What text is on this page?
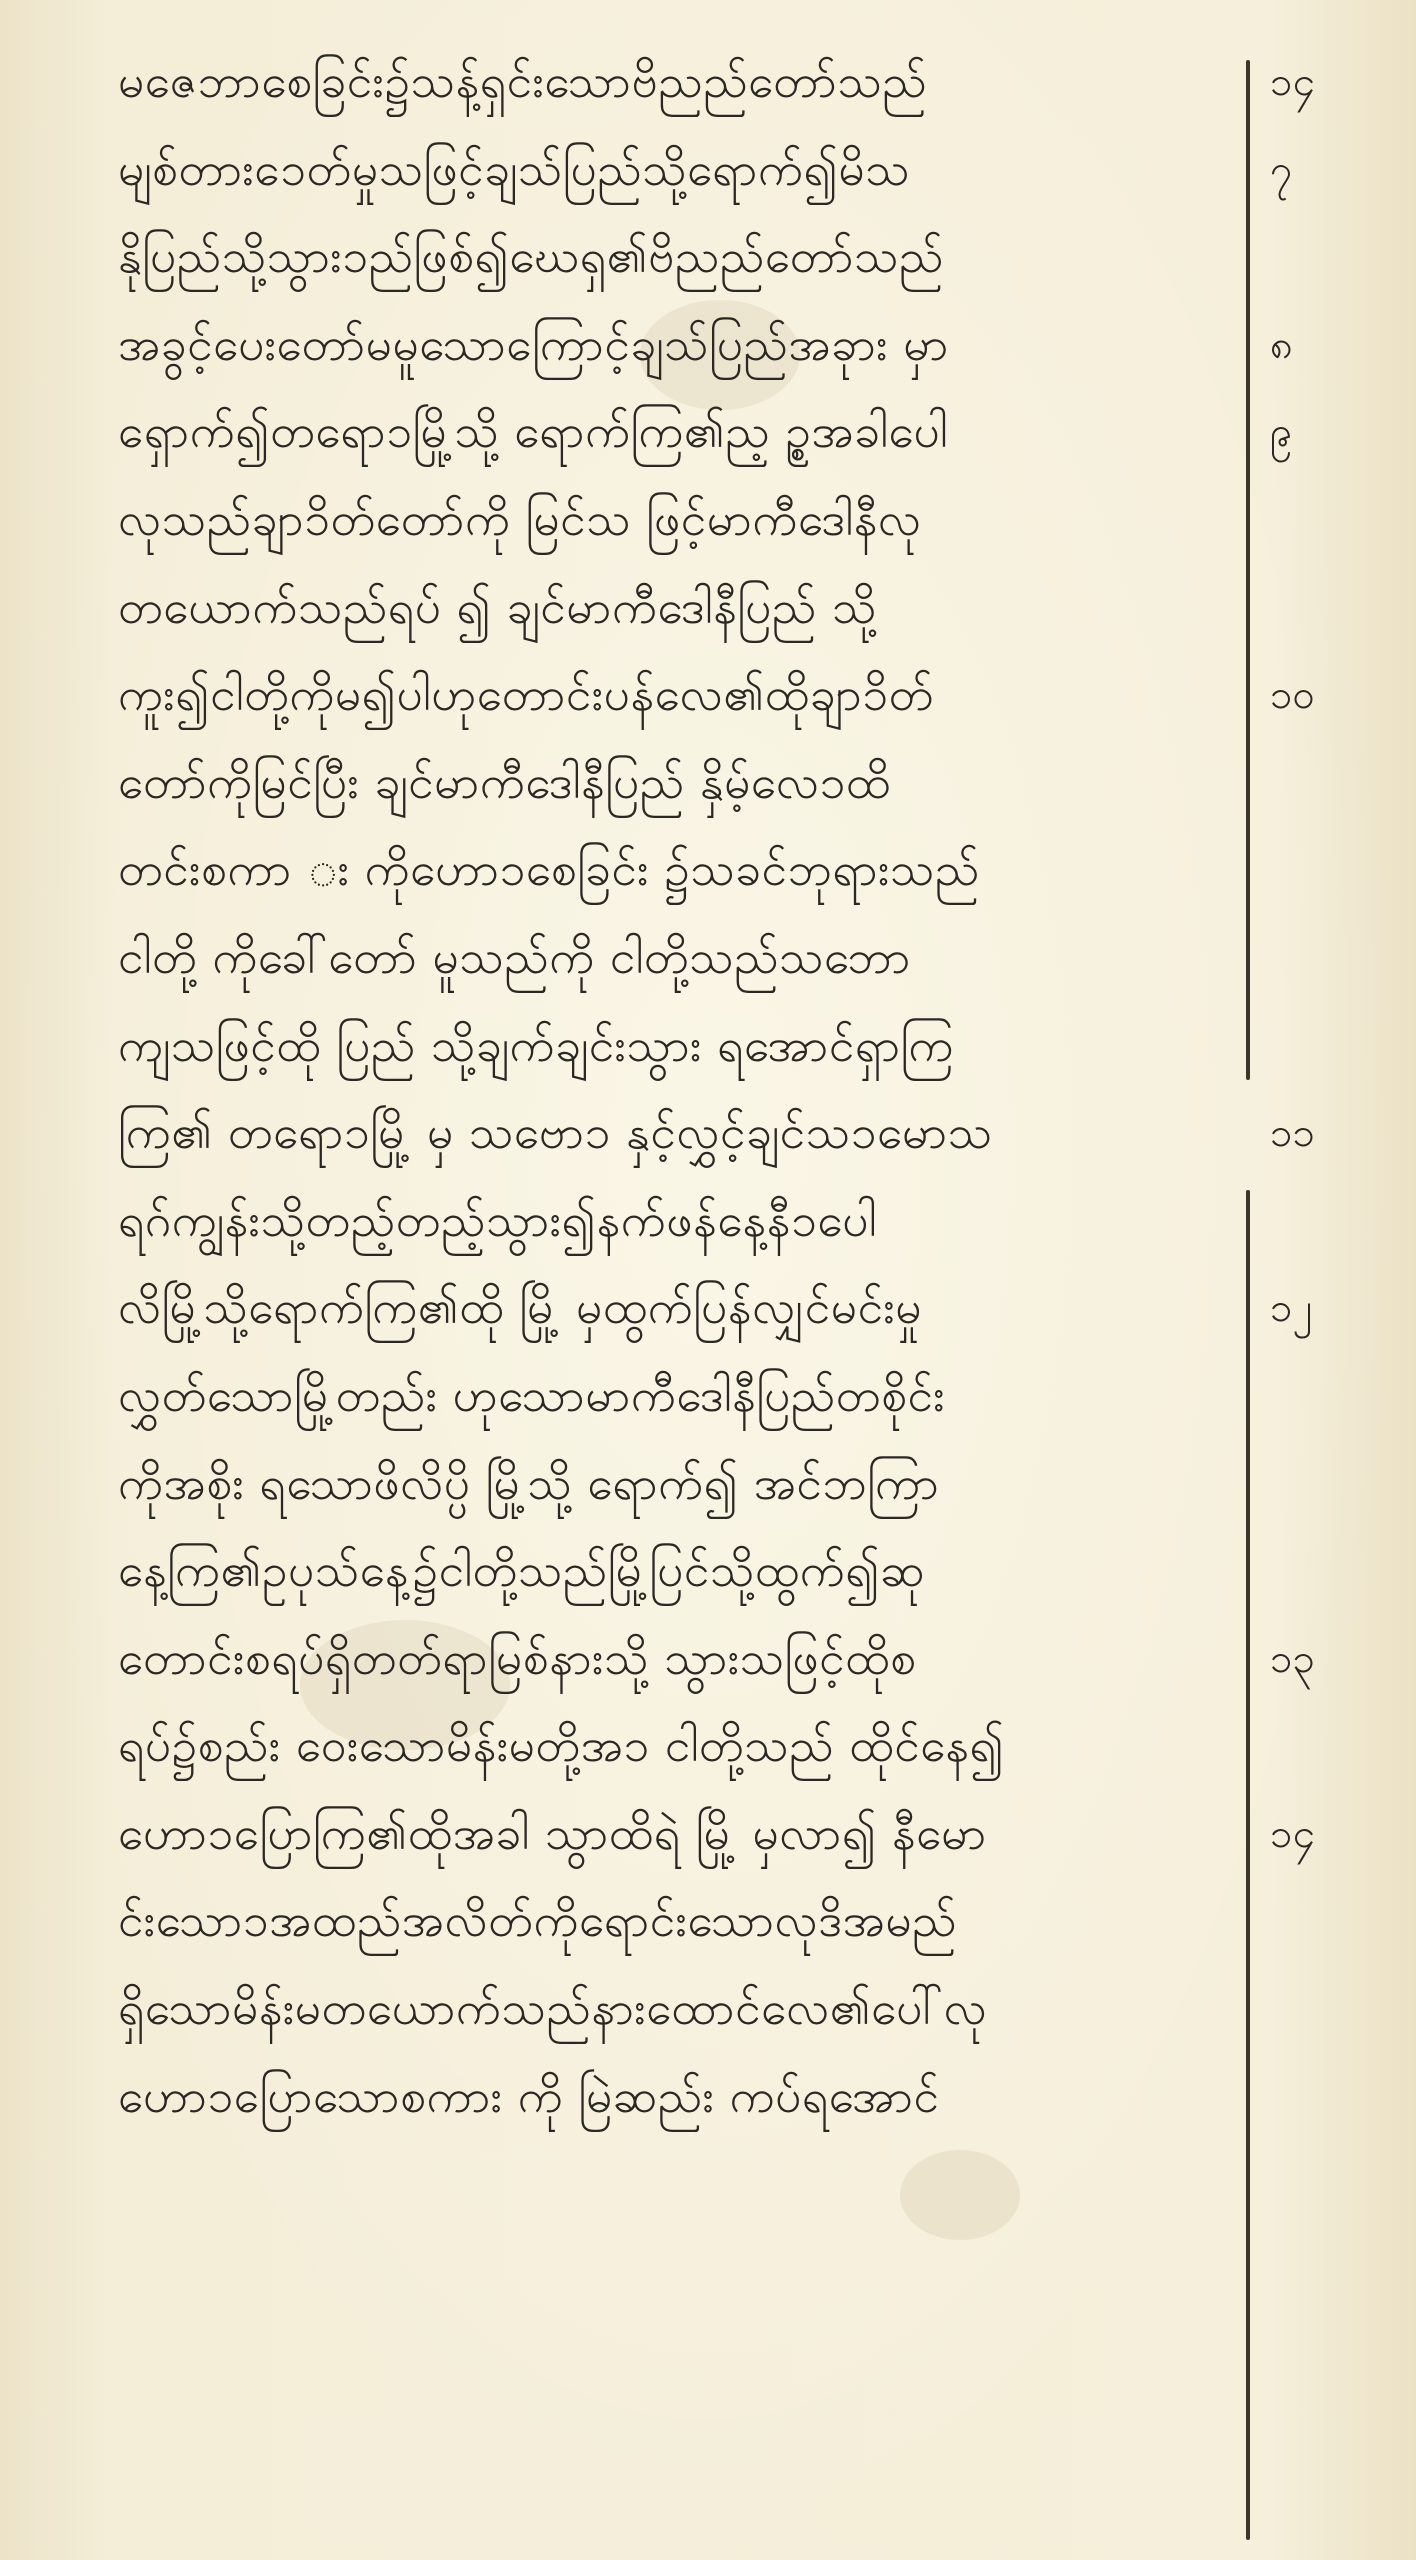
မဇေဘာစေခြင်း၌သန့်ရှင်းသောဗိညည်တော်သည်
မျစ်တား၁ေတ်မှုသဖြင့်ချသ်ပြည်သို့ရောက်၍မိသ
နိုပြည်သို့သွား၁ည်ဖြစ်၍ဃေရှ၏ဗိညည်တော်သည်
အခွင့်ပေးတော်မမူသောကြောင့်ချသ်ပြည်အခုား မှာ
ရှောက်၍တရော၁မြို့သို့ ရောက်ကြ၏ည့ ဉ္စအခါပေါ
လုသည်ချာ၁ိတ်တော်ကို မြင်သ ဖြင့်မာကီဒေါနီလု
တယောက်သည်ရပ် ၍ ချင်မာကီဒေါနီပြည် သို့
ကူး၍ငါတို့ကိုမ၍ပါဟုတောင်းပန်လေ၏ထိုချာ၁ိတ်
တော်ကိုမြင်ပြီး ချင်မာကီဒေါနီပြည် နှိမ့်လေ၁ထိ
တင်းစကာ း ကိုဟော၁စေခြင်း ၌သခင်ဘုရားသည်
ငါတို့ ကိုခေါ်တော် မူသည်ကို ငါတို့သည်သဘော
ကျသဖြင့်ထို ပြည် သို့ချက်ချင်းသွား ရအောင်ရှာကြ
ကြ၏ တရော၁မြို့ မှ သဗော၁ နှင့်လွှင့်ချင်သ၁မောသ
ရဂ်ကျွန်းသို့တည့်တည့်သွား၍နက်ဖန်နေ့နီ၁ပေါ
လိမြို့သို့ရောက်ကြ၏ထို မြို့ မှထွက်ပြန်လျှင်မင်းမှု
လွှတ်သောမြို့တည်း ဟုသောမာကီဒေါနီပြည်တစိုင်း
ကိုအစိုး ရသောဖိလိပ္ပိ မြို့သို့ ရောက်၍ အင်ဘကြာ
နေ့ကြ၏ဥပုသ်နေ့၌ငါတို့သည်မြို့ပြင်သို့ထွက်၍ဆု
တောင်းစရပ်ရှိတတ်ရာမြစ်နားသို့ သွားသဖြင့်ထိုစ
ရပ်၌စည်း ဝေးသောမိန်းမတို့အ၁ ငါတို့သည် ထိုင်နေ၍
ဟော၁ပြောကြ၏ထိုအခါ သွာထိရဲ မြို့ မှလာ၍ နီမော
င်းသော၁အထည်အလိတ်ကိုရောင်းသောလုဒိအမည်
ရှိသောမိန်းမတယောက်သည်နားထောင်လေ၏ပေါ်လု
ဟော၁ပြောသောစကား ကို မြဲဆည်း ကပ်ရအောင်
၁၄
၇
၈
၉
၁၀
၁၁
၁၂
၁၃
၁၄
